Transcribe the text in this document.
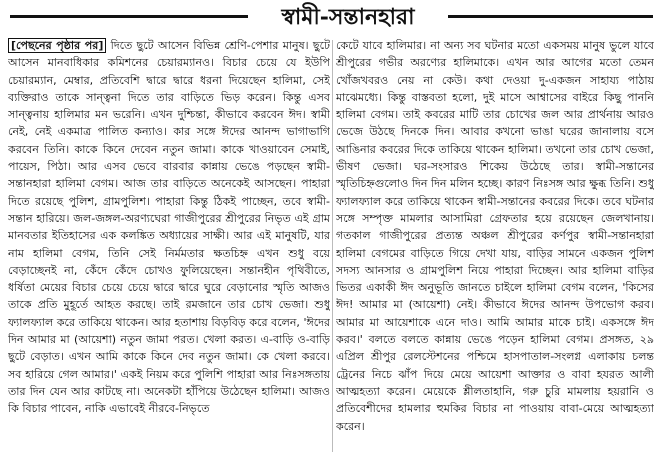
স্বামী-সন্তানহারা

[পেছনের পৃষ্ঠার পর] দিতে ছুটে আসেন বিভিন্ন শ্রেণি-পেশার মানুষ। ছুটে আসেন মানবাধিকার কমিশনের চেয়ারম্যানও। বিচার চেয়ে যে ইউপি চেয়ারম্যান, মেম্বার, প্রতিবেশি দ্বারে দ্বারে ধরনা দিয়েছেন হালিমা, সেই ব্যক্তিরাও তাকে সান্ত্বনা দিতে তার বাড়িতে ভিড় করেন। কিন্তু এসব সান্ত্বনায় হালিমার মন ভরেনি। এখন দুশ্চিন্তা, কীভাবে করবেন ঈদ। স্বামী নেই, নেই একমাত্র পালিত কন্যাও। কার সঙ্গে ঈদের আনন্দ ভাগাভাগি করবেন তিনি। কাকে কিনে দেবেন নতুন জামা। কাকে খাওয়াবেন সেমাই, পায়েস, পিঠা। আর এসব ভেবে বারবার কান্নায় ভেঙে পড়ছেন স্বামী-সন্তানহারা হালিমা বেগম। আজ তার বাড়িতে অনেকেই আসছেন। পাহারা দিতে রয়েছে পুলিশ, গ্রামপুলিশ। পাহারা কিন্তু ঠিকই পাচ্ছেন, তবে স্বামী-সন্তান হারিয়ে। জল-জঙ্গল-অরণ্যঘেরা গাজীপুরের শ্রীপুরের নিভৃত এই গ্রাম মানবতার ইতিহাসের এক কলঙ্কিত অধ্যায়ের সাক্ষী। আর এই মানুষটি, যার নাম হালিমা বেগম, তিনি সেই নির্মমতার ক্ষতচিহ্ন এখন শুধু বয়ে বেড়াচ্ছেনই না, কেঁদে কেঁদে চোখও ফুলিয়েছেন। সন্তানহীন পৃথিবীতে, ধর্ষিতা মেয়ের বিচার চেয়ে চেয়ে দ্বারে দ্বারে ঘুরে বেড়ানোর স্মৃতি আজও তাকে প্রতি মুহূর্তে আহত করছে। তাই রমজানে তার চোখ ভেজা। শুধু ফ্যালফ্যাল করে তাকিয়ে থাকেন। আর হতাশায় বিড়বিড় করে বলেন, 'ঈদের দিন আমার মা (আয়েশা) নতুন জামা পরত। খেলা করত। এ-বাড়ি ও-বাড়ি ছুটে বেড়াত। এখন আমি কাকে কিনে দেব নতুন জামা। কে খেলা করবে। সব হারিয়ে গেল আমার।' একই নিয়ম করে পুলিশি পাহারা আর নিঃসঙ্গতায় তার দিন যেন আর কাটছে না। অনেকটা হাঁপিয়ে উঠেছেন হালিমা। আজও কি বিচার পাবেন, নাকি এভাবেই নীরবে-নিভৃতে

কেটে যাবে হালিমার। না অন্য সব ঘটনার মতো একসময় মানুষ ভুলে যাবে শ্রীপুরের গভীর অরণ্যের হালিমাকে। এখন আর আগের মতো তেমন খোঁজখবরও নেয় না কেউ। কথা দেওয়া দু-একজন সাহায্য পাঠায় মাঝেমধ্যে। কিন্তু বাস্তবতা হলো, দুই মাসে আশ্বাসের বাইরে কিছু পাননি হালিমা বেগম। তাই কবরের মাটি তার চোখের জল আর প্রার্থনায় আরও ভেজে উঠছে দিনকে দিন। আবার কখনো ভাঙা ঘরের জানালায় বসে আঙিনার কবরের দিকে তাকিয়ে থাকেন হালিমা। তখনো তার চোখ ভেজা, ভীষণ ভেজা। ঘর-সংসারও শিকেয় উঠেছে তার। স্বামী-সন্তানের স্মৃতিচিহ্নগুলোও দিন দিন মলিন হচ্ছে। কারণ নিঃসঙ্গ আর ক্ষুব্ধ তিনি। শুধু ফ্যালফ্যাল করে তাকিয়ে থাকেন স্বামী-সন্তানের কবরের দিকে। তবে ঘটনার সঙ্গে সম্পৃক্ত মামলার আসামিরা গ্রেফতার হয়ে রয়েছেন জেলখানায়। গতকাল গাজীপুরের প্রত্যন্ত অঞ্চল শ্রীপুরের কর্ণপুর স্বামী-সন্তানহারা হালিমা বেগমের বাড়িতে গিয়ে দেখা যায়, বাড়ির সামনে একজন পুলিশ সদস্য আনসার ও গ্রামপুলিশ নিয়ে পাহারা দিচ্ছেন। আর হালিমা বাড়ির ভিতর একাকী ঈদ অনুভূতি জানতে চাইলে হালিমা বেগম বলেন, 'কিসের ঈদ! আমার মা (আয়েশা) নেই। কীভাবে ঈদের আনন্দ উপভোগ করব। আমার মা আয়েশাকে এনে দাও। আমি আমার মাকে চাই। একসঙ্গে ঈদ করব।' বলতে বলতে কান্নায় ভেঙে পড়েন হালিমা বেগম। প্রসঙ্গত, ২৯ এপ্রিল শ্রীপুর রেলস্টেশনের পশ্চিমে হাসপাতাল-সংলগ্ন এলাকায় চলন্ত ট্রেনের নিচে ঝাঁপ দিয়ে মেয়ে আয়েশা আক্তার ও বাবা হযরত আলী আত্মহত্যা করেন। মেয়েকে শ্লীলতাহানি, গরু চুরি মামলায় হয়রানি ও প্রতিবেশীদের হামলার হুমকির বিচার না পাওয়ায় বাবা-মেয়ে আত্মহত্যা করেন।
